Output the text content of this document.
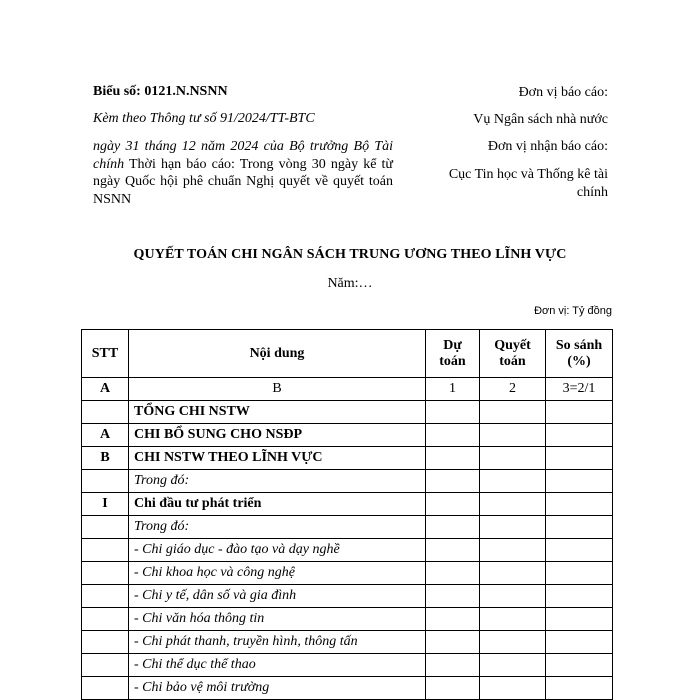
Biểu số: 0121.N.NSNN
Kèm theo Thông tư số 91/2024/TT-BTC
ngày 31 tháng 12 năm 2024 của Bộ trưởng Bộ Tài chính Thời hạn báo cáo: Trong vòng 30 ngày kể từ ngày Quốc hội phê chuẩn Nghị quyết về quyết toán NSNN
Đơn vị báo cáo:
Vụ Ngân sách nhà nước
Đơn vị nhận báo cáo:
Cục Tin học và Thống kê tài chính
QUYẾT TOÁN CHI NGÂN SÁCH TRUNG ƯƠNG THEO LĨNH VỰC
Năm:…
Đơn vị: Tỷ đồng
STT	Nội dung	Dự toán	Quyết toán	So sánh (%)
A	B	1	2	3=2/1
	TỔNG CHI NSTW			
A	CHI BỔ SUNG CHO NSĐP			
B	CHI NSTW THEO LĨNH VỰC			
	Trong đó:			
I	Chi đầu tư phát triển			
	Trong đó:			
	- Chi giáo dục - đào tạo và dạy nghề			
	- Chi khoa học và công nghệ			
	- Chi y tế, dân số và gia đình			
	- Chi văn hóa thông tin			
	- Chi phát thanh, truyền hình, thông tấn			
	- Chi thể dục thể thao			
	- Chi bảo vệ môi trường			
